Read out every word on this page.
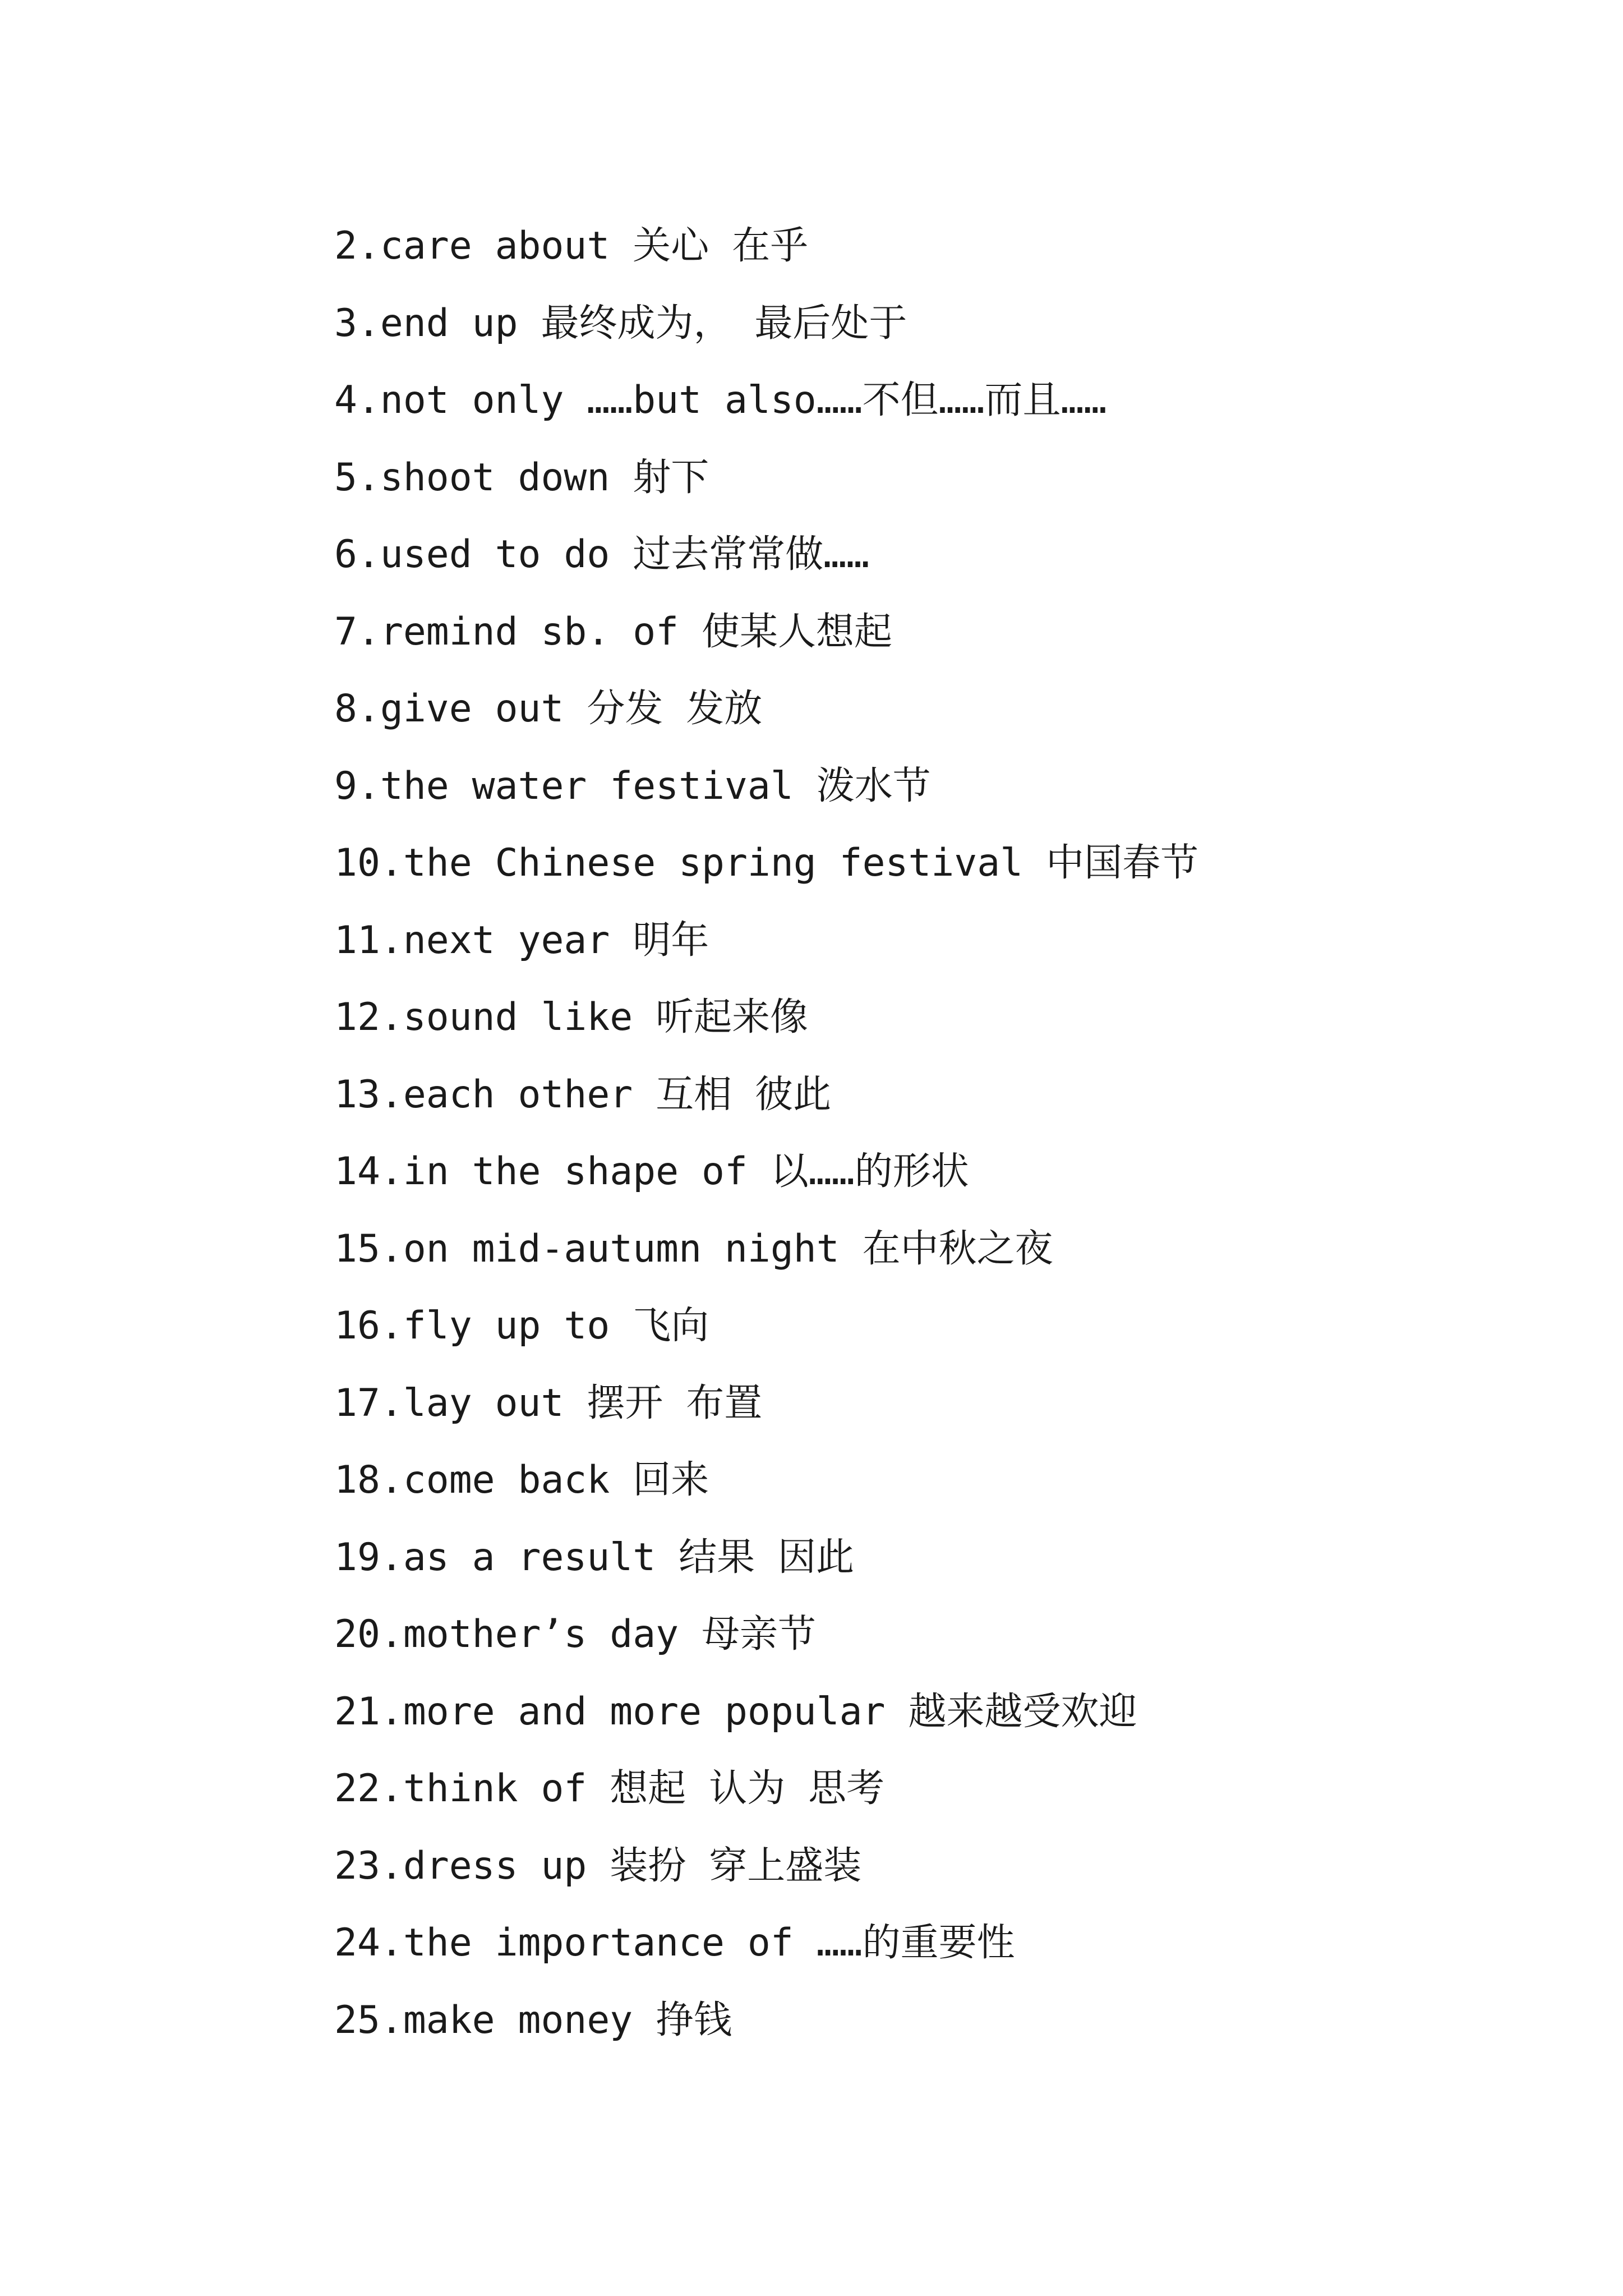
2.care about 关心 在乎
3.end up 最终成为， 最后处于
4.not only ……but also……不但……而且……
5.shoot down 射下
6.used to do 过去常常做……
7.remind sb. of 使某人想起
8.give out 分发 发放
9.the water festival 泼水节
10.the Chinese spring festival 中国春节
11.next year 明年
12.sound like 听起来像
13.each other 互相 彼此
14.in the shape of 以……的形状
15.on mid-autumn night 在中秋之夜
16.fly up to 飞向
17.lay out 摆开 布置
18.come back 回来
19.as a result 结果 因此
20.mother’s day 母亲节
21.more and more popular 越来越受欢迎
22.think of 想起 认为 思考
23.dress up 装扮 穿上盛装
24.the importance of ……的重要性
25.make money 挣钱
